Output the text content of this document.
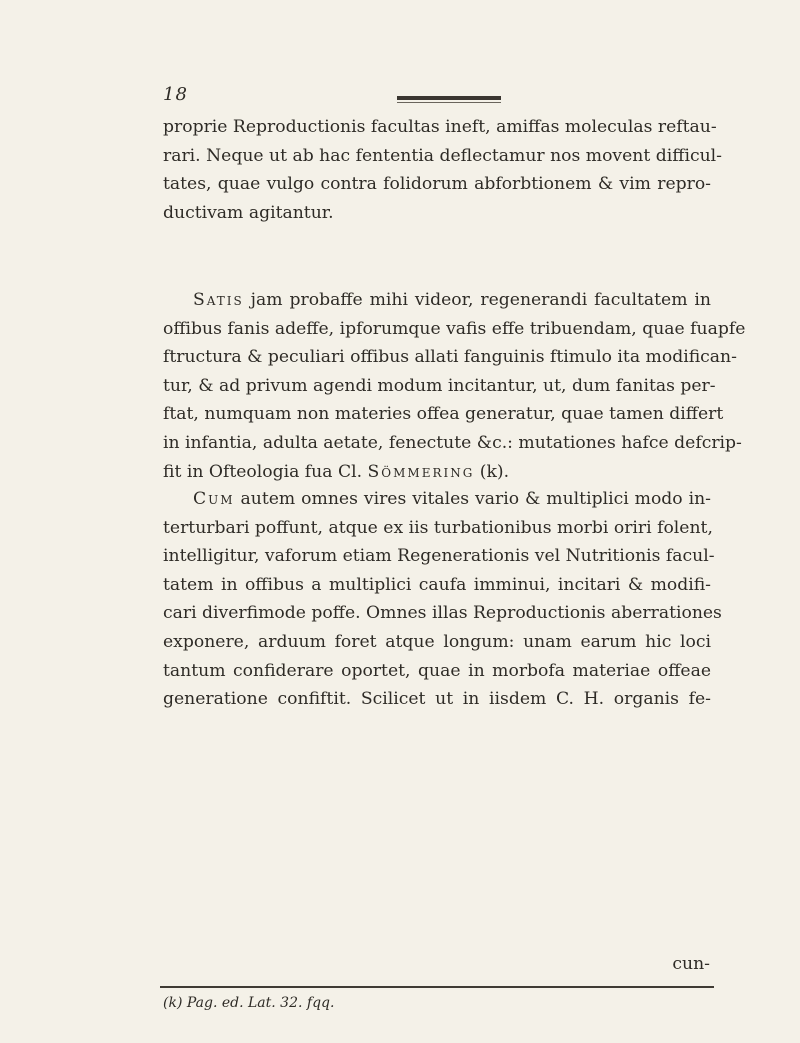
18
proprie Reproductionis facultas ineft, amiffas moleculas reftau-
rari. Neque ut ab hac fententia deflectamur nos movent difficul-
tates, quae vulgo contra folidorum abforbtionem & vim repro-
ductivam agitantur.
Satis jam probaffe mihi videor, regenerandi facultatem in
offibus fanis adeffe, ipforumque vafis effe tribuendam, quae fuapfe
ftructura & peculiari offibus allati fanguinis ftimulo ita modifican-
tur, & ad privum agendi modum incitantur, ut, dum fanitas per-
ftat, numquam non materies offea generatur, quae tamen differt
in infantia, adulta aetate, fenectute &c.: mutationes hafce defcrip-
fit in Ofteologia fua Cl. Sömmering (k).
Cum autem omnes vires vitales vario & multiplici modo in-
terturbari poffunt, atque ex iis turbationibus morbi oriri folent,
intelligitur, vaforum etiam Regenerationis vel Nutritionis facul-
tatem in offibus a multiplici caufa imminui, incitari & modifi-
cari diverfimode poffe. Omnes illas Reproductionis aberrationes
exponere, arduum foret atque longum: unam earum hic loci
tantum confiderare oportet, quae in morbofa materiae offeae
generatione confiftit. Scilicet ut in iisdem C. H. organis fe-
cun-
(k) Pag. ed. Lat. 32. fqq.
